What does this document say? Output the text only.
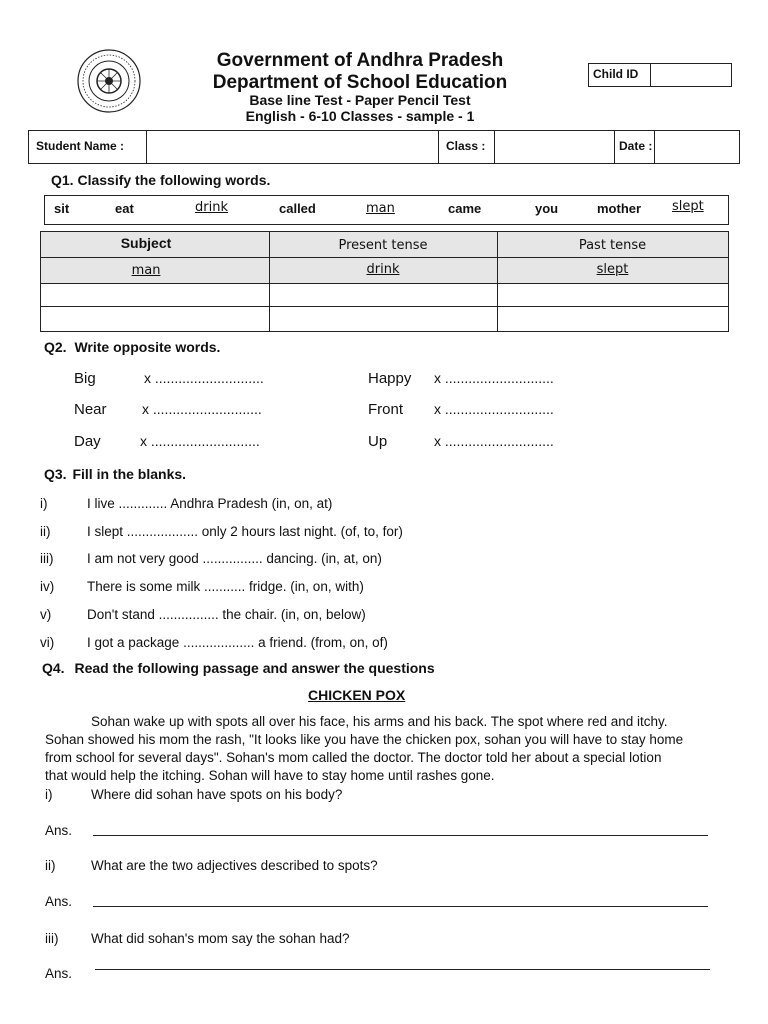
Government of Andhra Pradesh
Department of School Education
Base line Test - Paper Pencil Test
English - 6-10 Classes - sample - 1
Child ID
Student Name :	Class :	Date :
Q1. Classify the following words.
sit	eat	drink	called	man	came	you	mother slept
Subject	Present tense	Past tense
man	drink	slept
Q2. Write opposite words.
Big	x ............................	Happy x ............................
Near	x ............................	Front x ............................
Day	x ............................	Up	x ............................
Q3. Fill in the blanks.
i)	I live ............. Andhra Pradesh (in, on, at)
ii)	I slept ................... only 2 hours last night. (of, to, for)
iii) I am not very good ................ dancing. (in, at, on)
iv) There is some milk ........... fridge. (in, on, with)
v)	Don't stand ................ the chair. (in, on, below)
vi) I got a package ................... a friend. (from, on, of)
Q4. Read the following passage and answer the questions
CHICKEN POX
Sohan wake up with spots all over his face, his arms and his back. The spot where red and itchy.
Sohan showed his mom the rash, "It looks like you have the chicken pox, sohan you will have to stay home
from school for several days". Sohan's mom called the doctor. The doctor told her about a special lotion
that would help the itching. Sohan will have to stay home until rashes gone.
i)	Where did sohan have spots on his body?
Ans.
ii)	What are the two adjectives described to spots?
Ans.
iii) What did sohan's mom say the sohan had?
Ans.
